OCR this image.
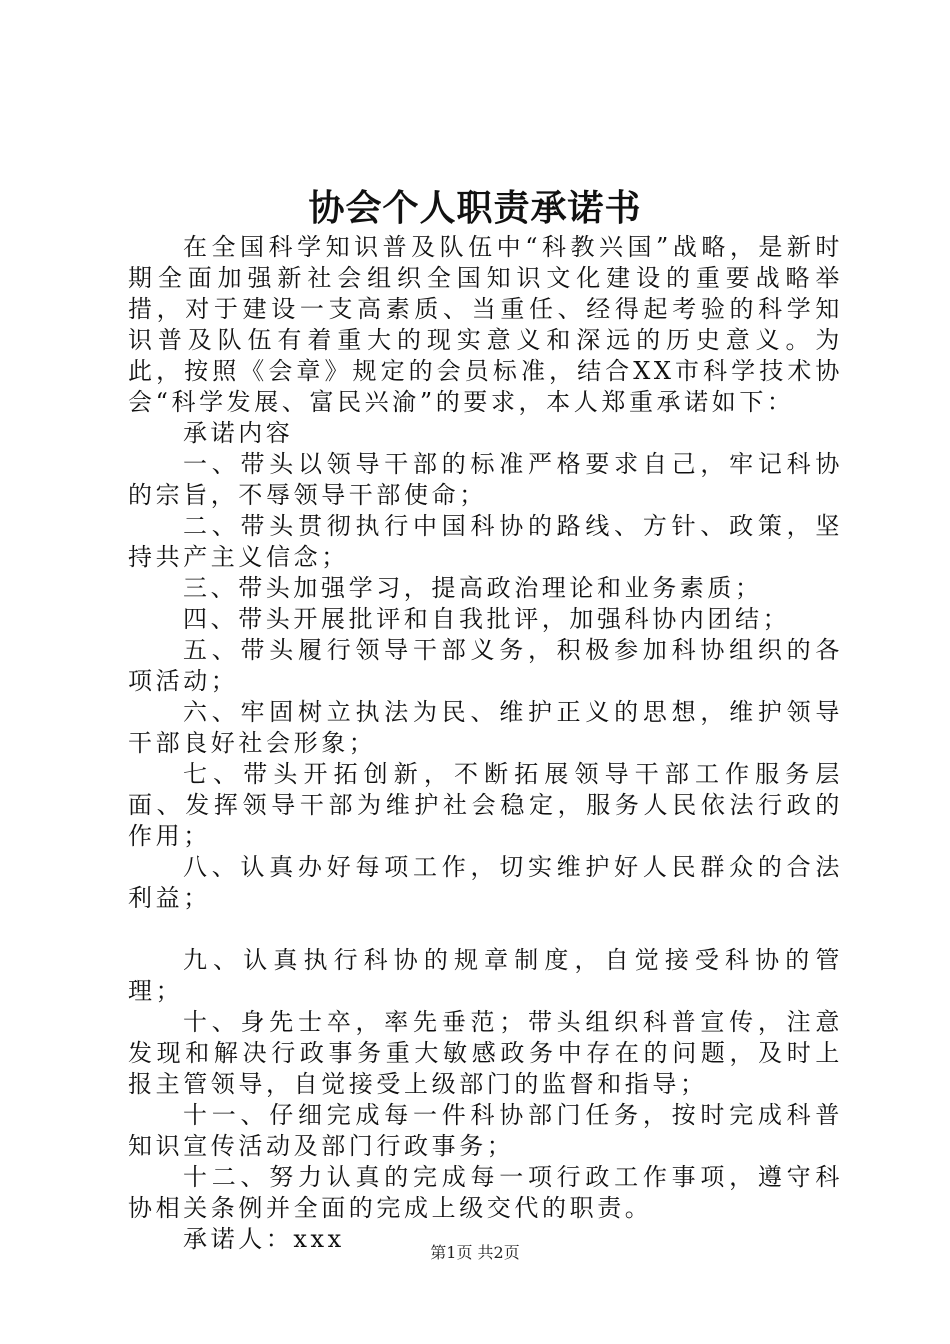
协会个人职责承诺书

在全国科学知识普及队伍中“科教兴国”战略，是新时期全面加强新社会组织全国知识文化建设的重要战略举措，对于建设一支高素质、当重任、经得起考验的科学知识普及队伍有着重大的现实意义和深远的历史意义。为此，按照《会章》规定的会员标准，结合XX市科学技术协会“科学发展、富民兴渝”的要求，本人郑重承诺如下：

承诺内容

一、带头以领导干部的标准严格要求自己，牢记科协的宗旨，不辱领导干部使命；

二、带头贯彻执行中国科协的路线、方针、政策，坚持共产主义信念；

三、带头加强学习，提高政治理论和业务素质；

四、带头开展批评和自我批评，加强科协内团结；

五、带头履行领导干部义务，积极参加科协组织的各项活动；

六、牢固树立执法为民、维护正义的思想，维护领导干部良好社会形象；

七、带头开拓创新，不断拓展领导干部工作服务层面、发挥领导干部为维护社会稳定，服务人民依法行政的作用；

八、认真办好每项工作，切实维护好人民群众的合法利益；

九、认真执行科协的规章制度，自觉接受科协的管理；

十、身先士卒，率先垂范；带头组织科普宣传，注意发现和解决行政事务重大敏感政务中存在的问题，及时上报主管领导，自觉接受上级部门的监督和指导；

十一、仔细完成每一件科协部门任务，按时完成科普知识宣传活动及部门行政事务；

十二、努力认真的完成每一项行政工作事项，遵守科协相关条例并全面的完成上级交代的职责。

承诺人：xxx	第1页 共2页
